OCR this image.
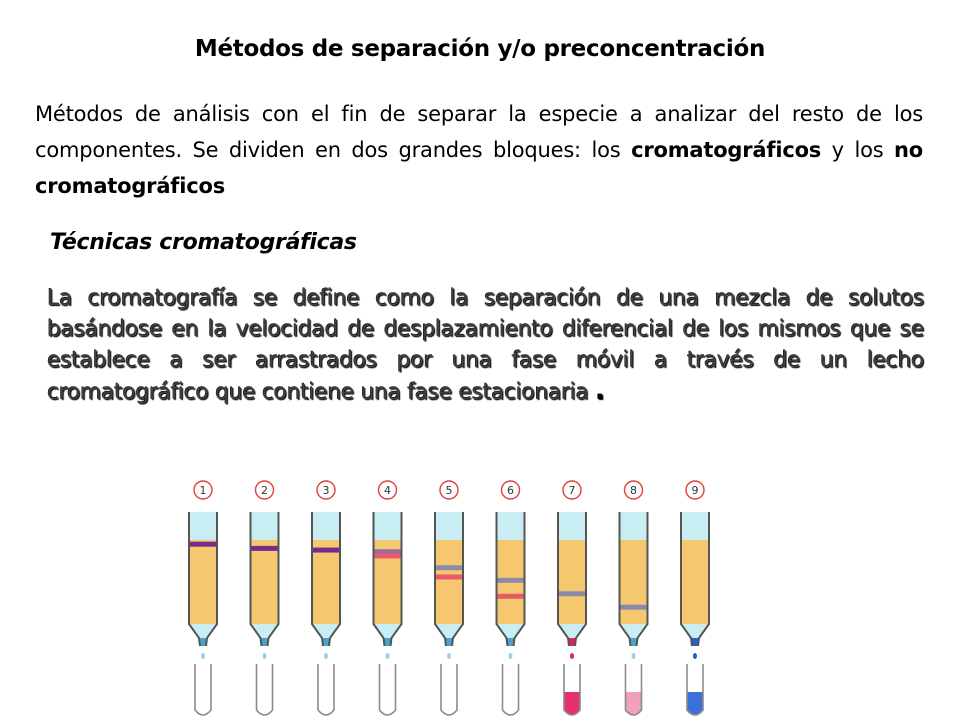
Métodos de separación y/o preconcentración
Métodos de análisis con el fin de separar la especie a analizar del resto de los componentes. Se dividen en dos grandes bloques: los cromatográficos y los no cromatográficos
Técnicas cromatográficas
La cromatografía se define como la separación de una mezcla de solutos basándose en la velocidad de desplazamiento diferencial de los mismos que se establece a ser arrastrados por una fase móvil a través de un lecho cromatográfico que contiene una fase estacionaria .
1	2	3	4	5	6	7	8	9
